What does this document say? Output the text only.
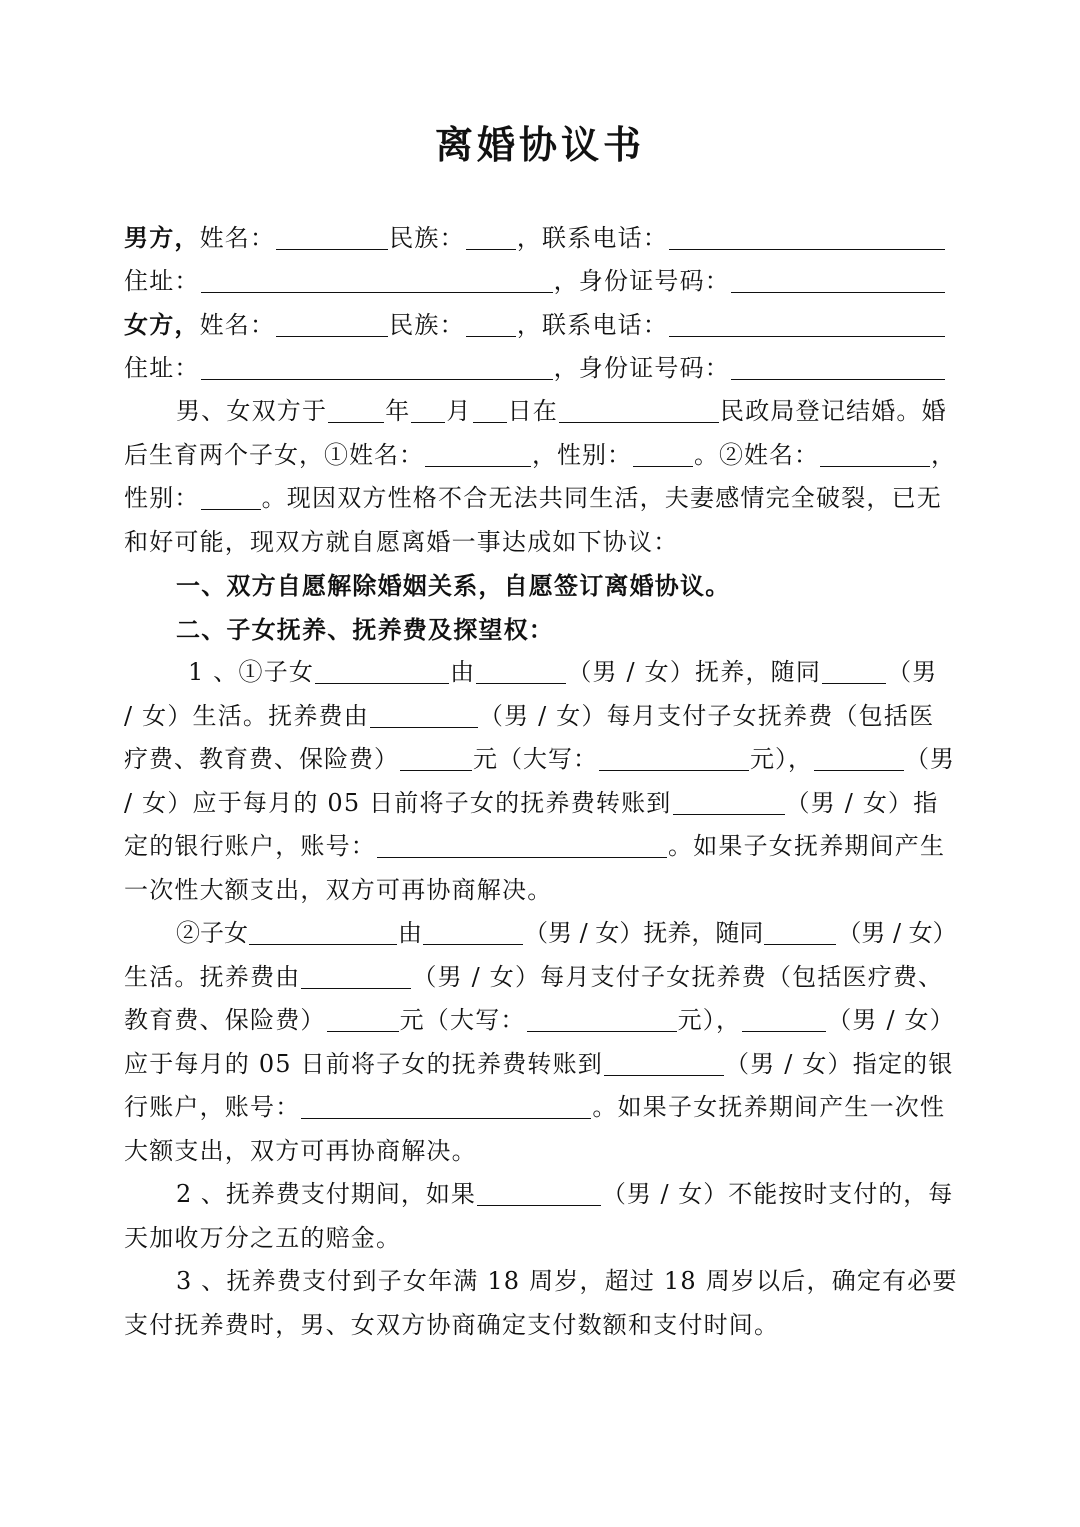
离婚协议书
男方，姓名：	民族： ，联系电话：
住址：	，身份证号码：
女方，姓名：	民族： ，联系电话：
住址：	，身份证号码：
男、女双方于 年 月 日在	民政局登记结婚。婚
后生育两个子女，①姓名：	，性别：	。②姓名：	，
性别：	。现因双方性格不合无法共同生活，夫妻感情完全破裂，已无
和好可能，现双方就自愿离婚一事达成如下协议：
一、双方自愿解除婚姻关系，自愿签订离婚协议。
二、子女抚养、抚养费及探望权：
1 、①子女	由	（男 / 女）抚养，随同	（男
/ 女）生活。抚养费由	（男 / 女）每月支付子女抚养费（包括医
疗费、教育费、保险费）	元（大写：	元），	（男
/ 女）应于每月的 05 日前将子女的抚养费转账到	（男 / 女）指
定的银行账户，账号：	。如果子女抚养期间产生
一次性大额支出，双方可再协商解决。
②子女	由	（男 / 女）抚养，随同	（男 / 女）
生活。抚养费由	（男 / 女）每月支付子女抚养费（包括医疗费、
教育费、保险费）	元（大写：	元），	（男 / 女）
应于每月的 05 日前将子女的抚养费转账到	（男 / 女）指定的银
行账户，账号：	。如果子女抚养期间产生一次性
大额支出，双方可再协商解决。
2 、抚养费支付期间，如果	（男 / 女）不能按时支付的，每
天加收万分之五的赔金。
3 、抚养费支付到子女年满 18 周岁，超过 18 周岁以后，确定有必要
支付抚养费时，男、女双方协商确定支付数额和支付时间。
